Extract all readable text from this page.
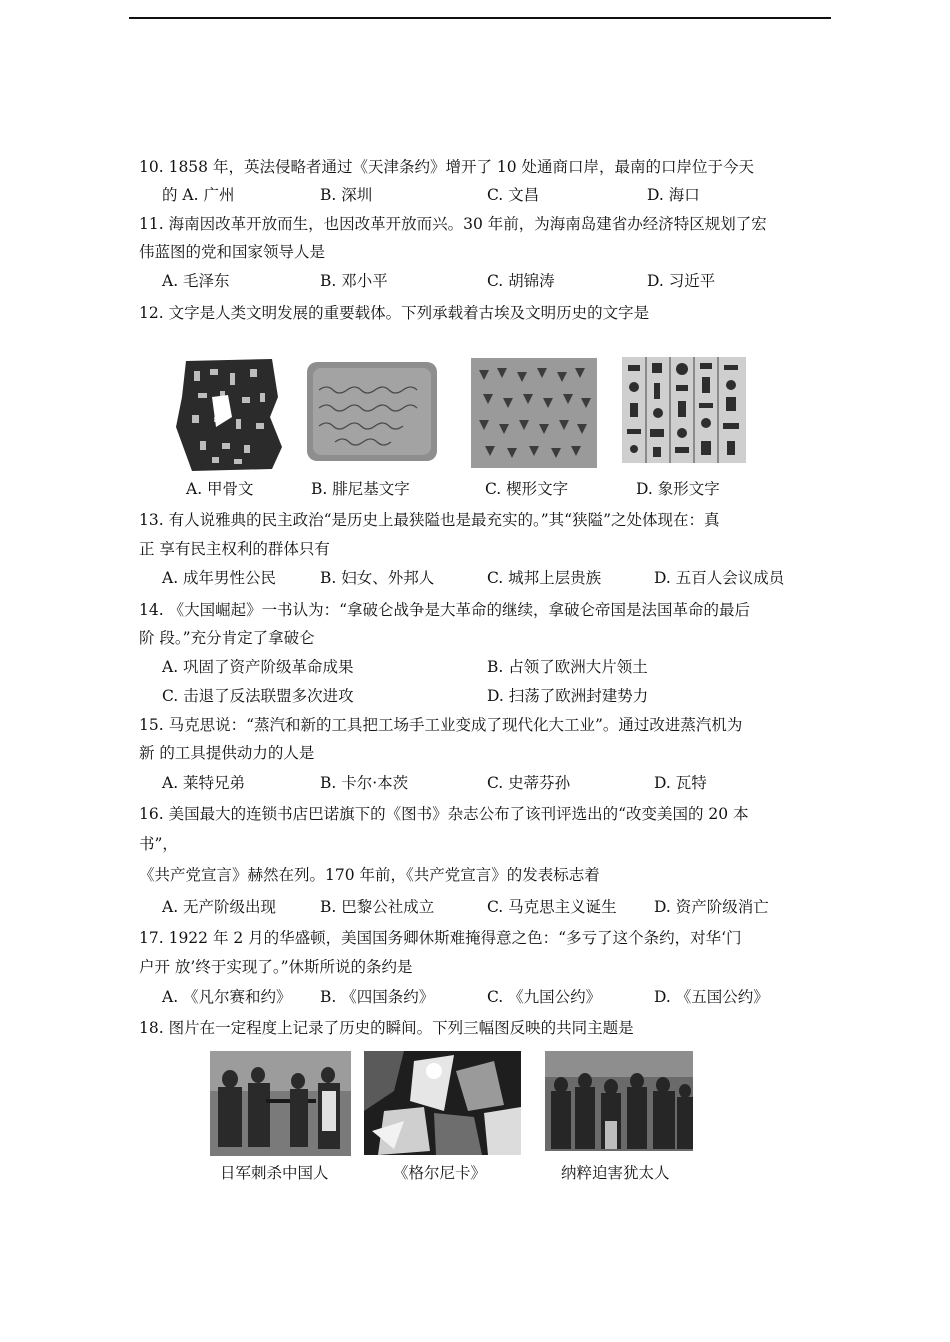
10. 1858 年，英法侵略者通过《天津条约》增开了 10 处通商口岸，最南的口岸位于今天
的 A. 广州	B. 深圳	C. 文昌	D. 海口
11. 海南因改革开放而生，也因改革开放而兴。30 年前，为海南岛建省办经济特区规划了宏
伟蓝图的党和国家领导人是
A. 毛泽东	B. 邓小平	C. 胡锦涛	D. 习近平
12. 文字是人类文明发展的重要载体。下列承载着古埃及文明历史的文字是
A. 甲骨文	B. 腓尼基文字	C. 楔形文字	D. 象形文字
13. 有人说雅典的民主政治“是历史上最狭隘也是最充实的。”其“狭隘”之处体现在：真
正 享有民主权利的群体只有
A. 成年男性公民	B. 妇女、外邦人	C. 城邦上层贵族	D. 五百人会议成员
14. 《大国崛起》一书认为：“拿破仑战争是大革命的继续，拿破仑帝国是法国革命的最后
阶 段。”充分肯定了拿破仑
A. 巩固了资产阶级革命成果	B. 占领了欧洲大片领土
C. 击退了反法联盟多次进攻	D. 扫荡了欧洲封建势力
15. 马克思说：“蒸汽和新的工具把工场手工业变成了现代化大工业”。通过改进蒸汽机为
新 的工具提供动力的人是
A. 莱特兄弟	B. 卡尔·本茨	C. 史蒂芬孙	D. 瓦特
16. 美国最大的连锁书店巴诺旗下的《图书》杂志公布了该刊评选出的“改变美国的 20 本
书”，
《共产党宣言》赫然在列。170 年前，《共产党宣言》的发表标志着
A. 无产阶级出现	B. 巴黎公社成立	C. 马克思主义诞生 D. 资产阶级消亡
17. 1922 年 2 月的华盛顿，美国国务卿休斯难掩得意之色：“多亏了这个条约，对华‘门
户开 放’终于实现了。”休斯所说的条约是
A. 《凡尔赛和约》 B. 《四国条约》	C. 《九国公约》	D. 《五国公约》
18. 图片在一定程度上记录了历史的瞬间。下列三幅图反映的共同主题是
日军刺杀中国人	《格尔尼卡》	纳粹迫害犹太人
